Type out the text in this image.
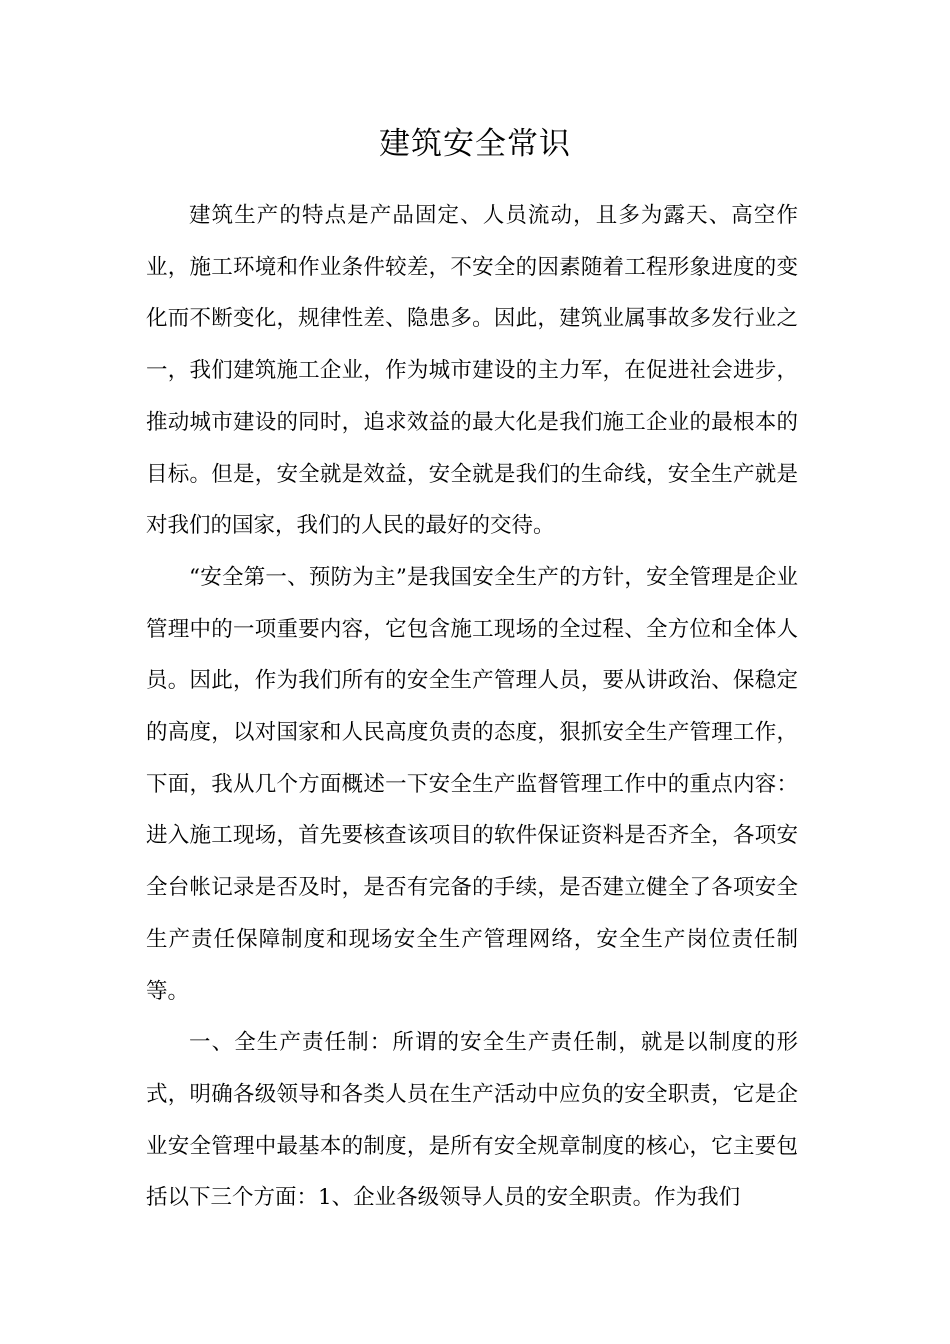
建筑安全常识

建筑生产的特点是产品固定、人员流动，且多为露天、高空作业，施工环境和作业条件较差，不安全的因素随着工程形象进度的变化而不断变化，规律性差、隐患多。因此，建筑业属事故多发行业之一，我们建筑施工企业，作为城市建设的主力军，在促进社会进步，推动城市建设的同时，追求效益的最大化是我们施工企业的最根本的目标。但是，安全就是效益，安全就是我们的生命线，安全生产就是对我们的国家，我们的人民的最好的交待。

“安全第一、预防为主”是我国安全生产的方针，安全管理是企业管理中的一项重要内容，它包含施工现场的全过程、全方位和全体人员。因此，作为我们所有的安全生产管理人员，要从讲政治、保稳定的高度，以对国家和人民高度负责的态度，狠抓安全生产管理工作，下面，我从几个方面概述一下安全生产监督管理工作中的重点内容：进入施工现场，首先要核查该项目的软件保证资料是否齐全，各项安全台帐记录是否及时，是否有完备的手续，是否建立健全了各项安全生产责任保障制度和现场安全生产管理网络，安全生产岗位责任制等。

一、全生产责任制：所谓的安全生产责任制，就是以制度的形式，明确各级领导和各类人员在生产活动中应负的安全职责，它是企业安全管理中最基本的制度，是所有安全规章制度的核心，它主要包括以下三个方面：1、企业各级领导人员的安全职责。作为我们
